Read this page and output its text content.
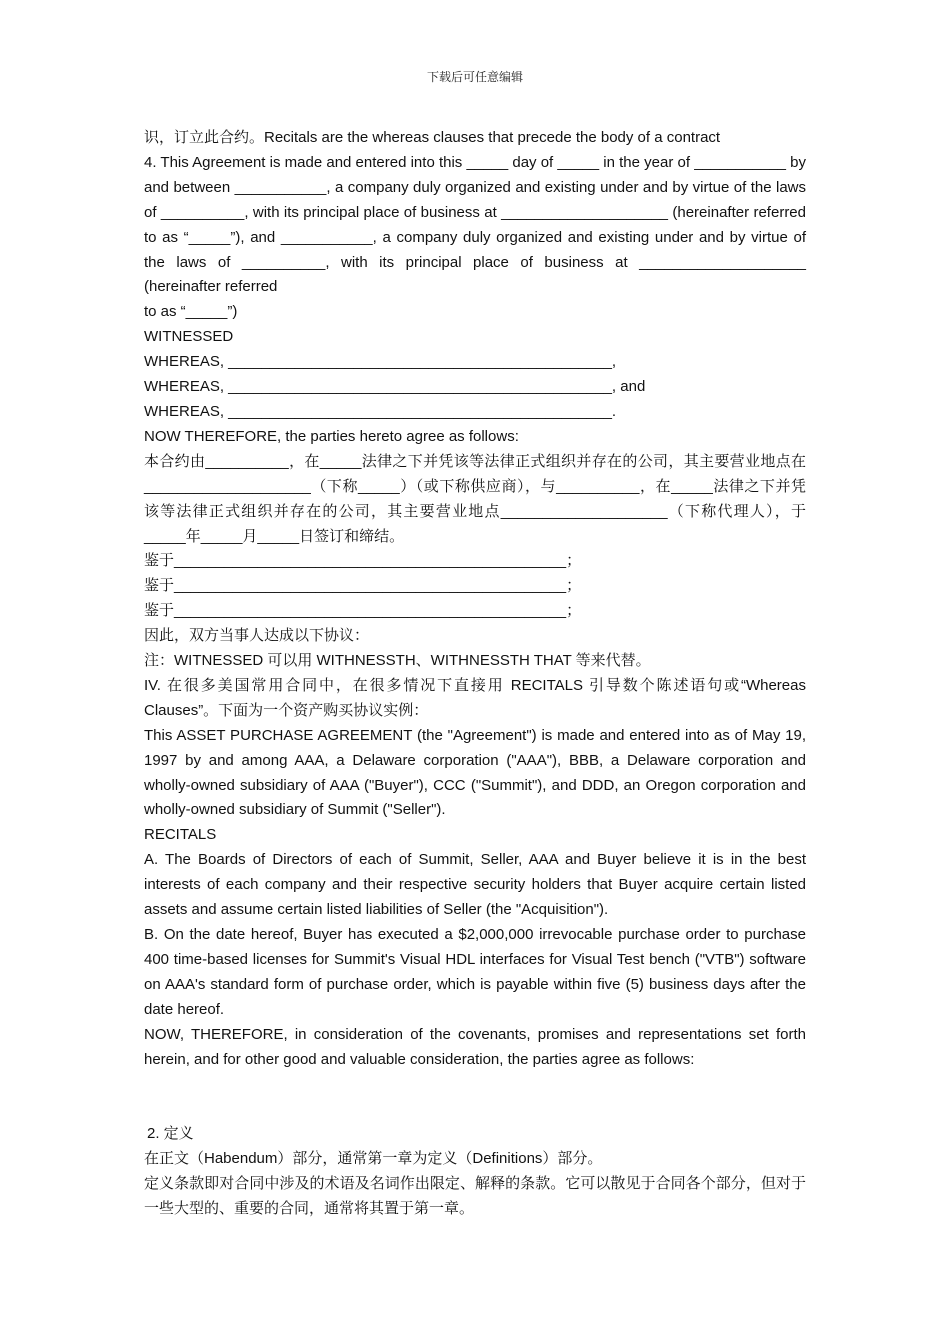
下载后可任意编辑

识，订立此合约。Recitals are the whereas clauses that precede the body of a contract

4. This Agreement is made and entered into this _____ day of _____ in the year of ___________ by and between ___________, a company duly organized and existing under and by virtue of the laws of __________, with its principal place of business at ____________________ (hereinafter referred to as “_____”), and ___________, a company duly organized and existing under and by virtue of the laws of __________, with its principal place of business at ____________________ (hereinafter referred

to as “_____”)

WITNESSED

WHEREAS, ______________________________________________,

WHEREAS, ______________________________________________, and

WHEREAS, ______________________________________________.

NOW THEREFORE, the parties hereto agree as follows:

本合约由__________，在_____法律之下并凭该等法律正式组织并存在的公司，其主要营业地点在____________________（下称_____）（或下称供应商），与__________，在_____法律之下并凭该等法律正式组织并存在的公司，其主要营业地点____________________（下称代理人），于_____年_____月_____日签订和缔结。

鉴于_______________________________________________；

鉴于_______________________________________________；

鉴于_______________________________________________；

因此，双方当事人达成以下协议：

注：WITNESSED 可以用 WITHNESSTH、WITHNESSTH THAT 等来代替。

IV. 在很多美国常用合同中，在很多情况下直接用 RECITALS 引导数个陈述语句或“Whereas Clauses”。下面为一个资产购买协议实例：

This ASSET PURCHASE AGREEMENT (the "Agreement") is made and entered into as of May 19, 1997 by and among AAA, a Delaware corporation ("AAA"), BBB, a Delaware corporation and wholly-owned subsidiary of AAA ("Buyer"), CCC ("Summit"), and DDD, an Oregon corporation and wholly-owned subsidiary of Summit ("Seller").

RECITALS

A. The Boards of Directors of each of Summit, Seller, AAA and Buyer believe it is in the best interests of each company and their respective security holders that Buyer acquire certain listed assets and assume certain listed liabilities of Seller (the "Acquisition").

B. On the date hereof, Buyer has executed a $2,000,000 irrevocable purchase order to purchase 400 time-based licenses for Summit's Visual HDL interfaces for Visual Test bench ("VTB") software on AAA's standard form of purchase order, which is payable within five (5) business days after the date hereof.

NOW, THEREFORE, in consideration of the covenants, promises and representations set forth herein, and for other good and valuable consideration, the parties agree as follows:

2. 定义

在正文（Habendum）部分，通常第一章为定义（Definitions）部分。

定义条款即对合同中涉及的术语及名词作出限定、解释的条款。它可以散见于合同各个部分，但对于一些大型的、重要的合同，通常将其置于第一章。
